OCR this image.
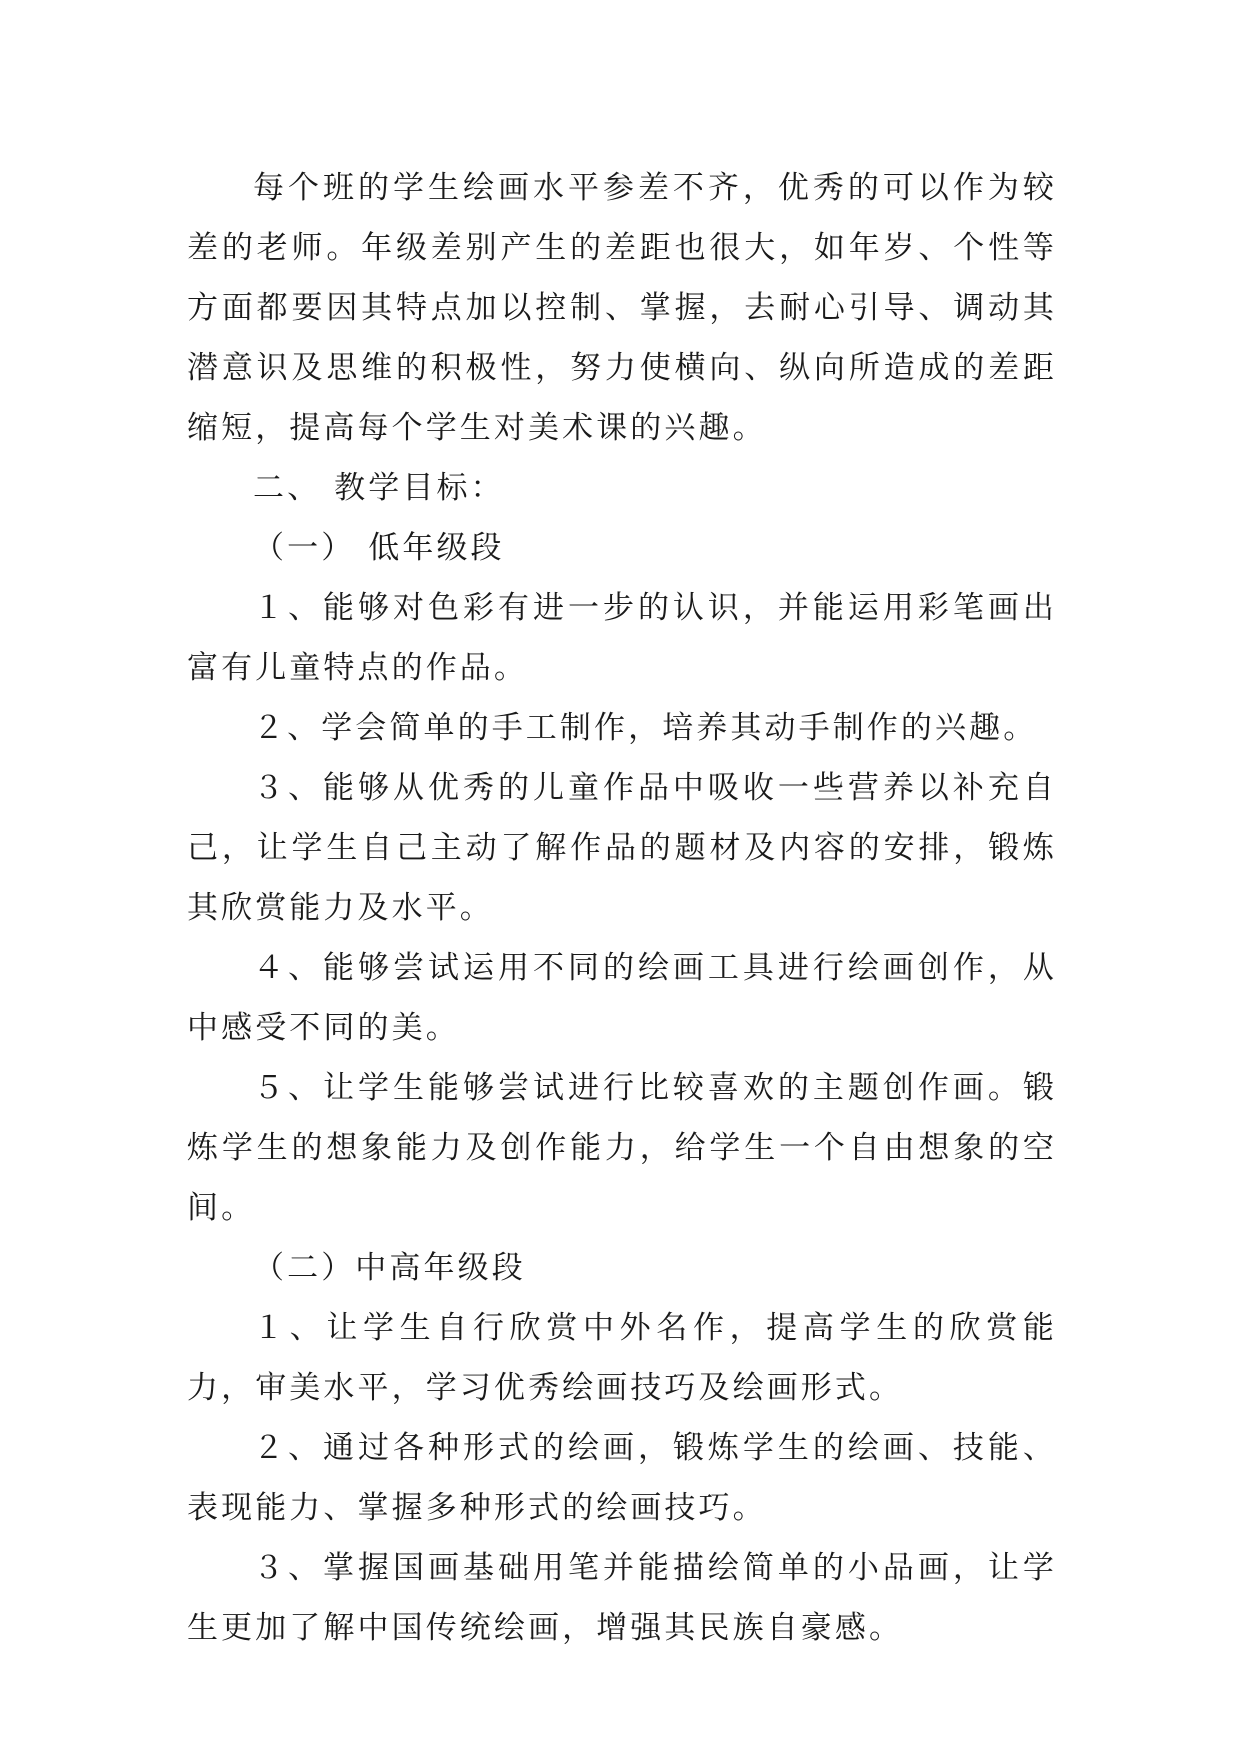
每个班的学生绘画水平参差不齐，优秀的可以作为较差的老师。年级差别产生的差距也很大，如年岁、个性等方面都要因其特点加以控制、掌握，去耐心引导、调动其潜意识及思维的积极性，努力使横向、纵向所造成的差距缩短，提高每个学生对美术课的兴趣。

二、 教学目标：

（一） 低年级段

１、能够对色彩有进一步的认识，并能运用彩笔画出富有儿童特点的作品。

２、学会简单的手工制作，培养其动手制作的兴趣。

３、能够从优秀的儿童作品中吸收一些营养以补充自己，让学生自己主动了解作品的题材及内容的安排，锻炼其欣赏能力及水平。

４、能够尝试运用不同的绘画工具进行绘画创作，从中感受不同的美。

５、让学生能够尝试进行比较喜欢的主题创作画。锻炼学生的想象能力及创作能力，给学生一个自由想象的空间。

（二）中高年级段

１、让学生自行欣赏中外名作，提高学生的欣赏能力，审美水平，学习优秀绘画技巧及绘画形式。

２、通过各种形式的绘画，锻炼学生的绘画、技能、表现能力、掌握多种形式的绘画技巧。

３、掌握国画基础用笔并能描绘简单的小品画，让学生更加了解中国传统绘画，增强其民族自豪感。
